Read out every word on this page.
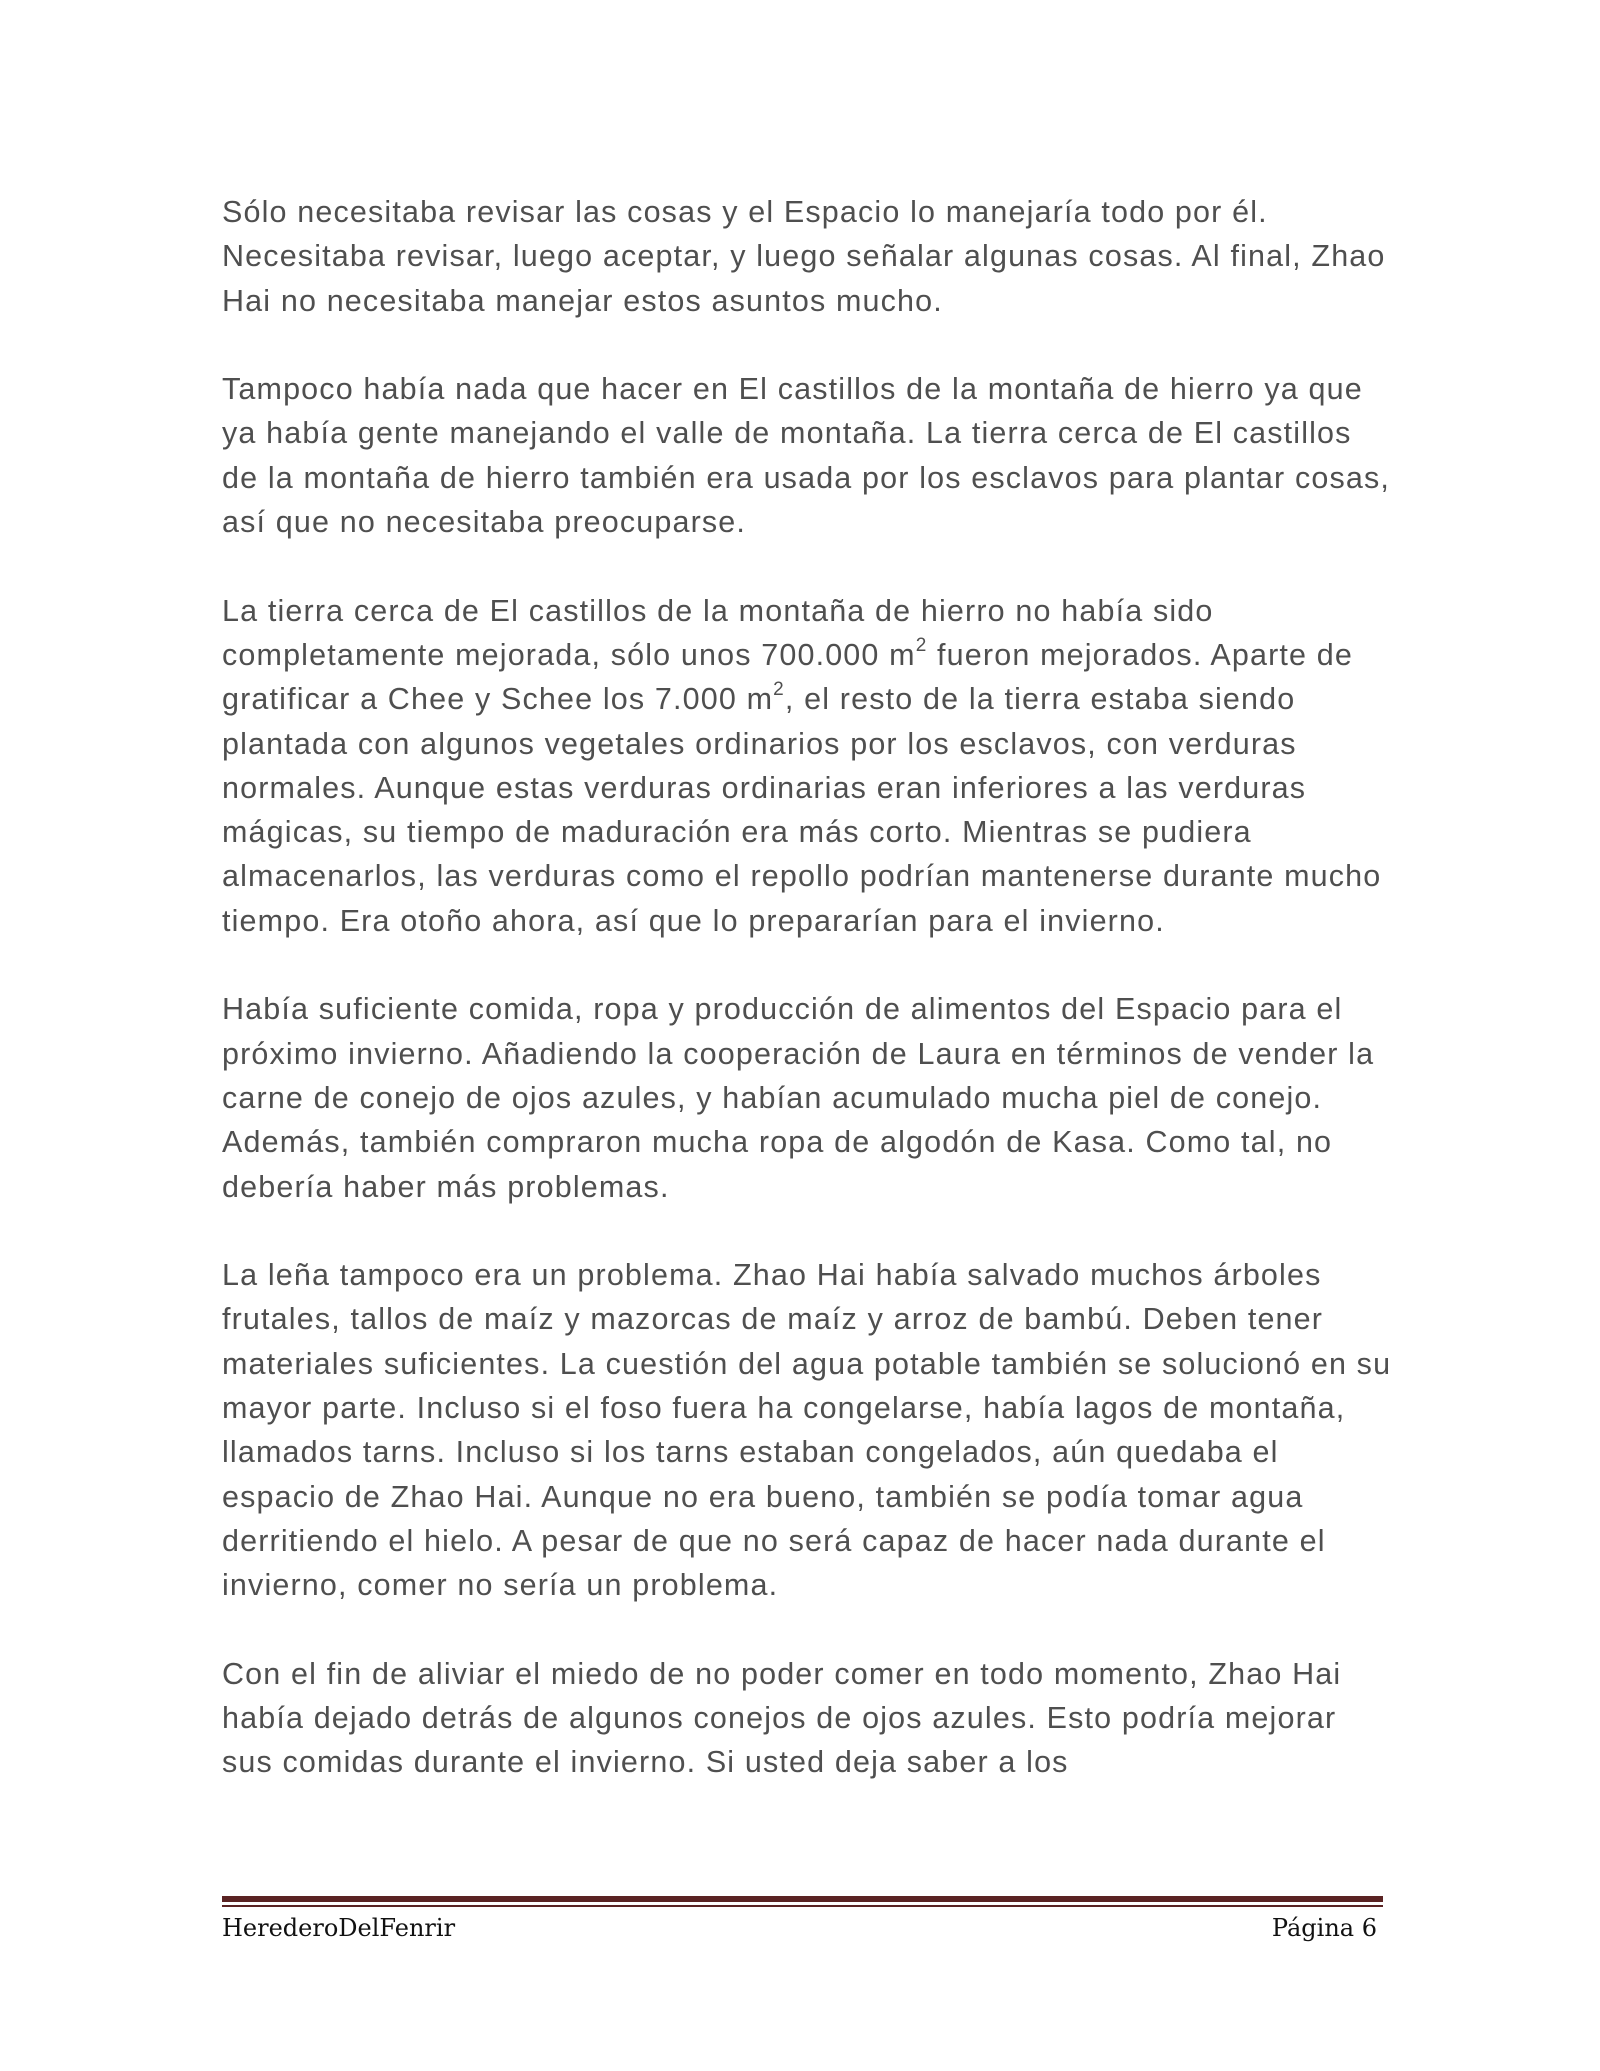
Sólo necesitaba revisar las cosas y el Espacio lo manejaría todo por él. Necesitaba revisar, luego aceptar, y luego señalar algunas cosas. Al final, Zhao Hai no necesitaba manejar estos asuntos mucho.

Tampoco había nada que hacer en El castillos de la montaña de hierro ya que ya había gente manejando el valle de montaña. La tierra cerca de El castillos de la montaña de hierro también era usada por los esclavos para plantar cosas, así que no necesitaba preocuparse.

La tierra cerca de El castillos de la montaña de hierro no había sido completamente mejorada, sólo unos 700.000 $m^2$ fueron mejorados. Aparte de gratificar a Chee y Schee los 7.000 $m^2$, el resto de la tierra estaba siendo plantada con algunos vegetales ordinarios por los esclavos, con verduras normales. Aunque estas verduras ordinarias eran inferiores a las verduras mágicas, su tiempo de maduración era más corto. Mientras se pudiera almacenarlos, las verduras como el repollo podrían mantenerse durante mucho tiempo. Era otoño ahora, así que lo prepararían para el invierno.

Había suficiente comida, ropa y producción de alimentos del Espacio para el próximo invierno. Añadiendo la cooperación de Laura en términos de vender la carne de conejo de ojos azules, y habían acumulado mucha piel de conejo. Además, también compraron mucha ropa de algodón de Kasa. Como tal, no debería haber más problemas.

La leña tampoco era un problema. Zhao Hai había salvado muchos árboles frutales, tallos de maíz y mazorcas de maíz y arroz de bambú. Deben tener materiales suficientes. La cuestión del agua potable también se solucionó en su mayor parte. Incluso si el foso fuera ha congelarse, había lagos de montaña, llamados tarns. Incluso si los tarns estaban congelados, aún quedaba el espacio de Zhao Hai. Aunque no era bueno, también se podía tomar agua derritiendo el hielo. A pesar de que no será capaz de hacer nada durante el invierno, comer no sería un problema.

Con el fin de aliviar el miedo de no poder comer en todo momento, Zhao Hai había dejado detrás de algunos conejos de ojos azules. Esto podría mejorar sus comidas durante el invierno. Si usted deja saber a los

HerederoDelFenrir	Página 6
